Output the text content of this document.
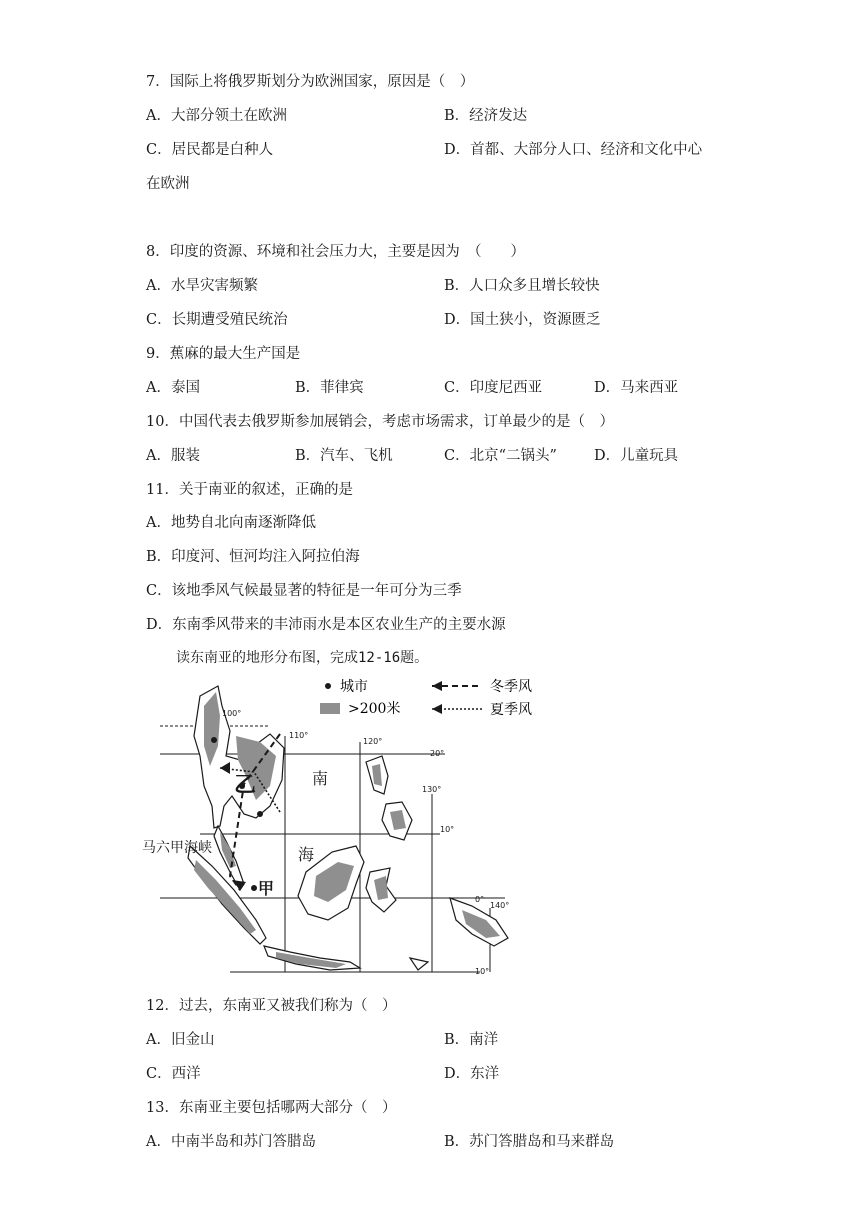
7．国际上将俄罗斯划分为欧洲国家，原因是（　）
A．大部分领土在欧洲	B．经济发达
C．居民都是白种人	D．首都、大部分人口、经济和文化中心
在欧洲
8．印度的资源、环境和社会压力大，主要是因为　（　　）
A．水旱灾害频繁	B．人口众多且增长较快
C．长期遭受殖民统治	D．国土狭小，资源匮乏
9．蕉麻的最大生产国是
A．泰国	B．菲律宾	C．印度尼西亚	D．马来西亚
10．中国代表去俄罗斯参加展销会，考虑市场需求，订单最少的是（　）
A．服装	B．汽车、飞机	C．北京“二锅头”	D．儿童玩具
11．关于南亚的叙述，正确的是
A．地势自北向南逐渐降低
B．印度河、恒河均注入阿拉伯海
C．该地季风气候最显著的特征是一年可分为三季
D．东南季风带来的丰沛雨水是本区农业生产的主要水源
读东南亚的地形分布图，完成12-16题。
城市
>200米
冬季风
夏季风
100°
110°
120°
130°
140°
20°
10°
0°
10°
马六甲海峡
乙
甲
南
海
12．过去，东南亚又被我们称为（　）
A．旧金山	B．南洋
C．西洋	D．东洋
13．东南亚主要包括哪两大部分（　）
A．中南半岛和苏门答腊岛	B．苏门答腊岛和马来群岛
